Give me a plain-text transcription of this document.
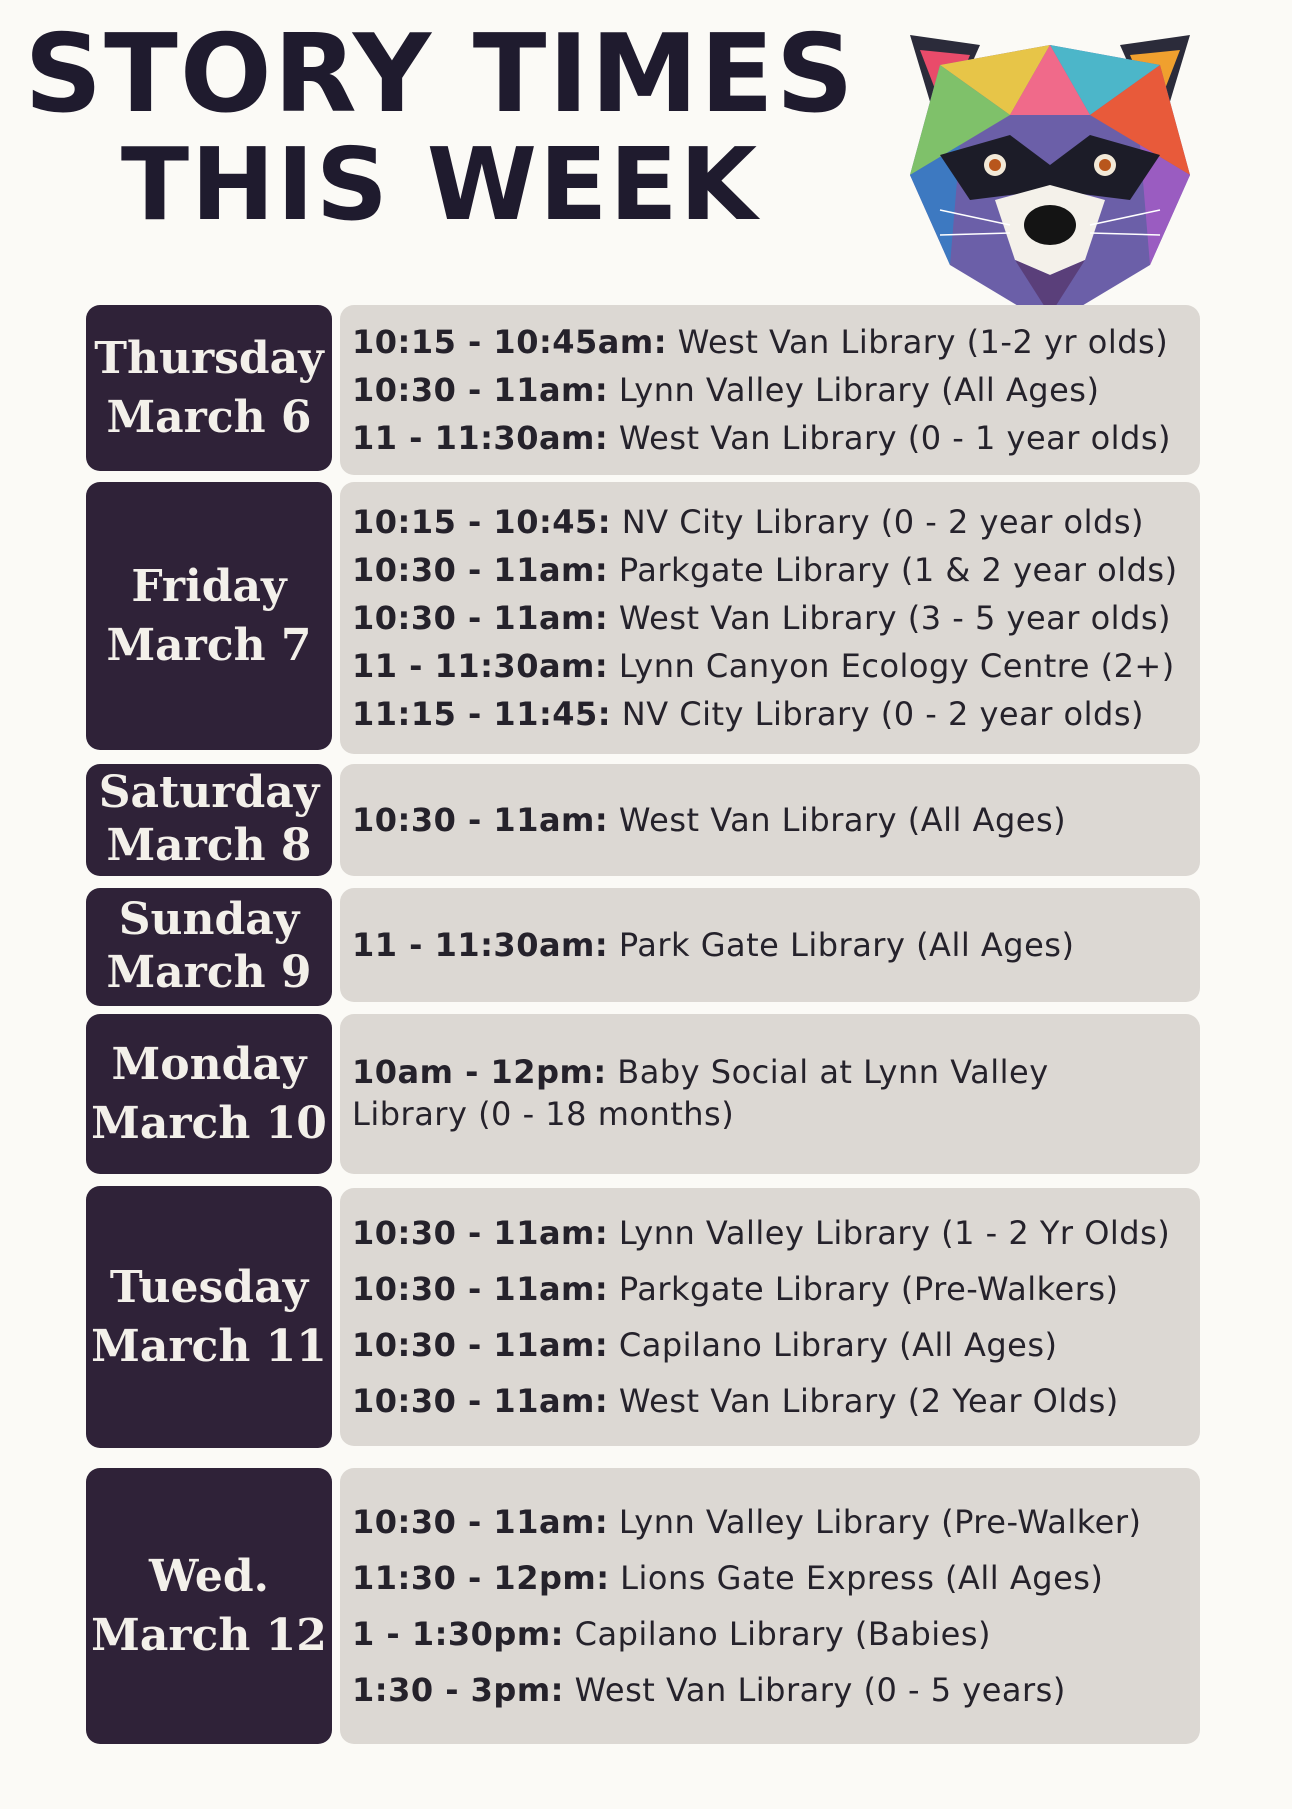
STORY TIMES
THIS WEEK
Thursday
March 6
10:15 - 10:45am: West Van Library (1-2 yr olds)
10:30 - 11am: Lynn Valley Library (All Ages)
11 - 11:30am: West Van Library (0 - 1 year olds)
Friday
March 7
10:15 - 10:45: NV City Library (0 - 2 year olds)
10:30 - 11am: Parkgate Library (1 & 2 year olds)
10:30 - 11am: West Van Library (3 - 5 year olds)
11 - 11:30am: Lynn Canyon Ecology Centre (2+)
11:15 - 11:45: NV City Library (0 - 2 year olds)
Saturday
March 8 10:30 - 11am: West Van Library (All Ages)
Sunday
March 9
11 - 11:30am: Park Gate Library (All Ages)
Monday
March 10
10am - 12pm: Baby Social at Lynn Valley Library (0 - 18 months)
Tuesday
March 11
10:30 - 11am: Lynn Valley Library (1 - 2 Yr Olds)
10:30 - 11am: Parkgate Library (Pre-Walkers)
10:30 - 11am: Capilano Library (All Ages)
10:30 - 11am: West Van Library (2 Year Olds)
Wed.
March 12
10:30 - 11am: Lynn Valley Library (Pre-Walker)
11:30 - 12pm: Lions Gate Express (All Ages)
1 - 1:30pm: Capilano Library (Babies)
1:30 - 3pm: West Van Library (0 - 5 years)
